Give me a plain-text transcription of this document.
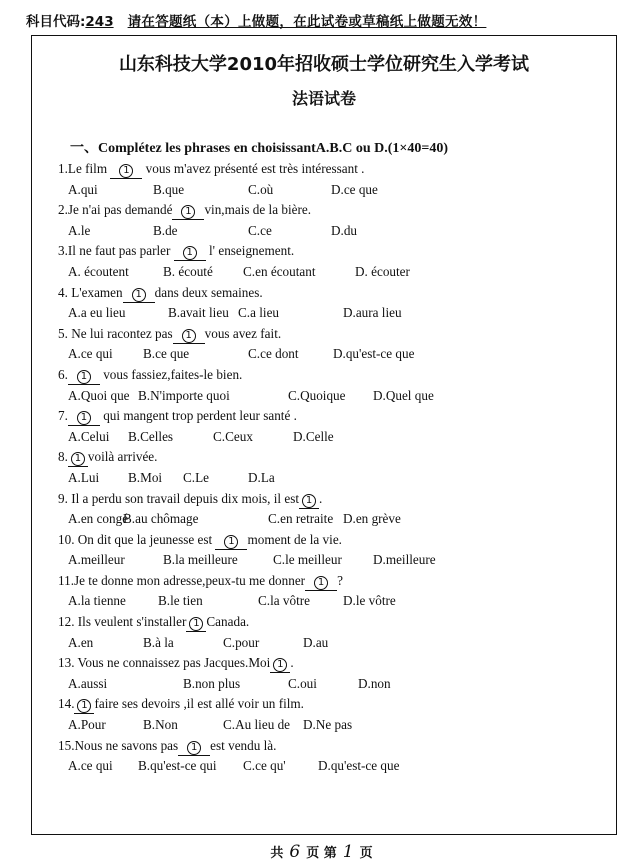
科目代码:243 请在答题纸（本）上做题，在此试卷或草稿纸上做题无效！
山东科技大学2010年招收硕士学位研究生入学考试
法语试卷
一、Complétez les phrases en choisissantA.B.C ou D.(1×40=40)
1.Le film 1 vous m'avez présenté est très intéressant .
A.qui	B.que	C.où	D.ce que
2.Je n'ai pas demandé 1 vin,mais de la bière.
A.le	B.de	C.ce	D.du
3.Il ne faut pas parler 1 l' enseignement.
A. écoutent	B. écouté C.en écoutant	D. écouter
4. L'examen 1 dans deux semaines.
A.a eu lieu	B.avait lieu C.a lieu	D.aura lieu
5. Ne lui racontez pas 1 vous avez fait.
A.ce qui B.ce que	C.ce dont	D.qu'est-ce que
6. 1 vous fassiez,faites-le bien.
A.Quoi que B.N'importe quoi	C.Quoique D.Quel que
7. 1 qui mangent trop perdent leur santé .
A.Celui B.Celles	C.Ceux	D.Celle
8. 1 voilà arrivée.
A.Lui B.Moi C.Le	D.La
9. Il a perdu son travail depuis dix mois, il est 1 .
A.en congé
B.au chômage	C.en retraite D.en grève
10. On dit que la jeunesse est 1 moment de la vie.
A.meilleur	B.la meilleure	C.le meilleur D.meilleure
11.Je te donne mon adresse,peux-tu me donner 1 ?
A.la tienne B.le tien	C.la vôtre D.le vôtre
12. Ils veulent s'installer 1 Canada.
A.en	B.à la	C.pour	D.au
13. Vous ne connaissez pas Jacques.Moi 1 .
A.aussi	B.non plus	C.oui	D.non
14. 1 faire ses devoirs ,il est allé voir un film.
A.Pour	B.Non	C.Au lieu de D.Ne pas
15.Nous ne savons pas 1 est vendu là.
A.ce qui B.qu'est-ce qui C.ce qu' D.qu'est-ce que
共 6 页 第 1 页
